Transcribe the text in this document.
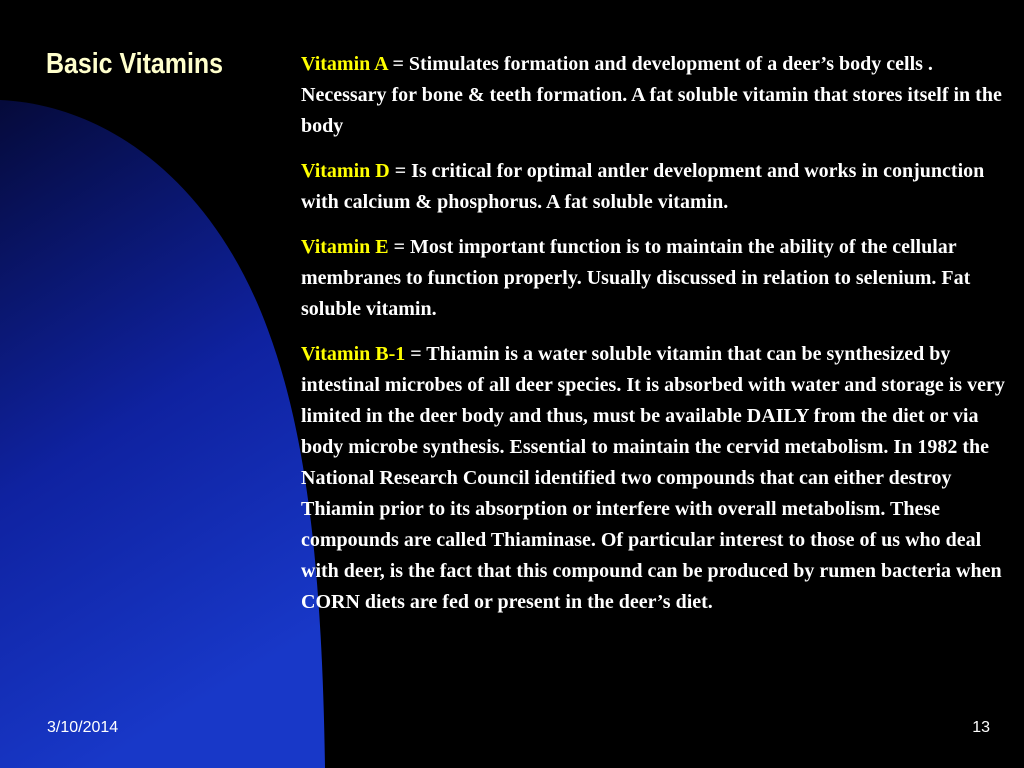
Basic Vitamins	Vitamin A = Stimulates formation and development of a deer’s body cells . Necessary for bone & teeth formation. A fat soluble vitamin that stores itself in the body

Vitamin D = Is critical for optimal antler development and works in conjunction with calcium & phosphorus. A fat soluble vitamin.

Vitamin E = Most important function is to maintain the ability of the cellular membranes to function properly. Usually discussed in relation to selenium. Fat soluble vitamin.

Vitamin B-1 = Thiamin is a water soluble vitamin that can be synthesized by intestinal microbes of all deer species. It is absorbed with water and storage is very limited in the deer body and thus, must be available DAILY from the diet or via body microbe synthesis. Essential to maintain the cervid metabolism. In 1982 the National Research Council identified two compounds that can either destroy Thiamin prior to its absorption or interfere with overall metabolism. These compounds are called Thiaminase. Of particular interest to those of us who deal with deer, is the fact that this compound can be produced by rumen bacteria when CORN diets are fed or present in the deer’s diet.

3/10/2014	13
